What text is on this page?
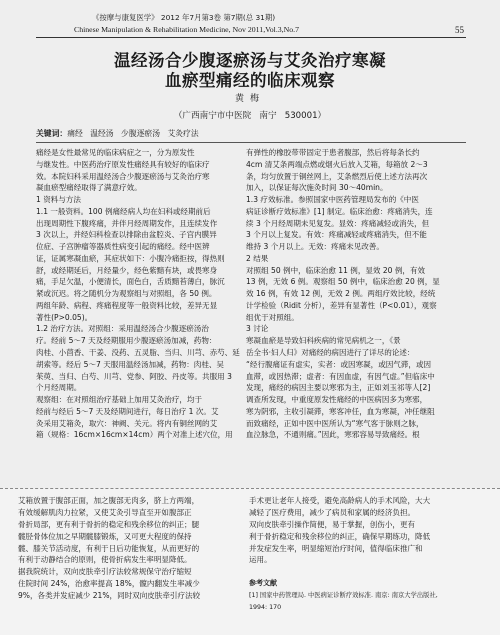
《按摩与康复医学》 2012 年7月第3卷 第7期(总 31期)
Chinese Manipulation & Rehabilitation Medicine, Nov 2011,Vol.3,No.7	55
温经汤合少腹逐瘀汤与艾灸治疗寒凝
血瘀型痛经的临床观察
黄梅
（广西南宁市中医院   南宁   530001）
关键词：痛经   温经汤   少腹逐瘀汤   艾灸疗法
痛经是女性最常见的临床病症之一，分为原发性
与继发性。中医药治疗原发性痛经具有较好的临床疗
效。本院妇科采用温经汤合少腹逐瘀汤与艾灸治疗寒
凝血瘀型痛经取得了满意疗效。
1 资料与方法
1.1 一般资料。100 例痛经病人均在妇科或经期前后
出现周期性下腹疼痛，并伴月经周期发作，且连续发作
3 次以上，并经妇科检查以排除由盆腔炎、子宫内膜异
位症、子宫肿瘤等器质性病变引起的痛经。经中医辨
证，证属寒凝血瘀，其症状如下：小腹冷痛拒按，得热则
舒，或经期延后，月经量少，经色紫黯有块，或畏寒身
痛，手足欠温，小便清长，面色白，舌质黯苔薄白，脉沉
紧或沉迟。将之随机分为观察组与对照组，各 50 例。
两组年龄、病程、疼痛程度等一般资料比较，差异无显
著性(P>0.05)。
1.2 治疗方法。对照组：采用温经汤合少腹逐瘀汤治
疗。经前 5～7 天及经期服用少腹逐瘀汤加减，药物：
肉桂、小茴香、干姜、没药、五灵脂、当归、川芎、赤芍、延
胡索等。经后 5～7 天服用温经汤加减，药物：肉桂、吴
茱萸、当归、白芍、川芎、党参、阿胶、丹皮等。共服用 3
个月经周期。
观察组：在对照组治疗基础上加用艾灸治疗，均于
经前与经后 5～7 天及经期间进行，每日治疗 1 次。艾
灸采用艾箱灸，取穴：神阙、关元。将内有铜丝网的艾
箱（规格：16cm×16cm×14cm）两个对准上述穴位，用
有弹性的橡胶带带固定于患者腹部，然后将每条长约
4cm 清艾条两端点燃或烟火后放入艾箱，每箱放 2～3
条，均匀放置于铜丝网上，艾条燃烈后使上述方法再次
加入，以保证每次施灸时间 30～40min。
1.3 疗效标准。参照国家中医药管理局发布的《中医
病证诊断疗效标准》[1] 制定。临床治愈：疼痛消失，连
续 3 个月经周期未见复发。显效：疼痛减轻或消失，但
3 个月以上复发。有效：疼痛减轻或疼痛消失，但不能
维持 3 个月以上。无效：疼痛未见改善。
2 结果
对照组 50 例中，临床治愈 11 例，显效 20 例，有效
13 例，无效 6 例。观察组 50 例中，临床治愈 20 例，显
效 16 例，有效 12 例，无效 2 例。两组疗效比较，经统
计学检验（Ridit 分析），差异有显著性（P<0.01），观察
组优于对照组。
3 讨论
寒凝血瘀是导致妇科疾病的常见病机之一，《景
岳全书·妇人归》对痛经的病因进行了详尽的论述：
“经行腹痛证有虚实，实者：或因寒凝，或因气滞，或因
血滞，或因热滞；虚者：有因血虚，有因气虚。”但临床中
发现，痛经的病因主要以寒邪为主，正如刘玉祁等人[2]
调查所发现，中重度原发性痛经的中医病因多为寒邪，
寒为阴邪，主收引凝滞，寒客冲任，血为寒凝，冲任继阻
而致痛经，正如中医中医所认为“寒气客于脉则之脉，
血泣脉急，不通则痛。”因此，寒邪容易导致痛经。根
艾箱放置于腹部正面，加之腹部无肉多，脐上方两端，
有效缓解肌肉力拉紧，又使艾灸引导直至开如腹部正
骨折局部，更有利于骨折的稳定和残余移位的纠正；腿
髋胫骨体位加之早期髋膝锻炼，又可更大程度的保持
髋、膝关节活动度，有利于日后功能恢复，从而更好的
有利于动静结合的原则，使骨折病发生率明显降低。
据我院统计，双向皮肤牵引疗法较常规保守治疗缩短
住院时间 24%，治愈率提高 18%，髋内翻发生率减少
9%，各类并发症减少 21%，同时双向皮肤牵引疗法较
手术更让老年人接受，避免高龄病人的手术风险，大大
减轻了医疗费用，减少了病员和家属的经济负担。
双向皮肤牵引操作简便，易于掌握，创伤小，更有
利于骨折稳定和残余移位的纠正，确保早期练功，降低
并发症发生率，明显缩短治疗时间，值得临床推广和
运用。
参考文献
[1] 国家中药管理局. 中医病证诊断疗效标准. 南京: 南京大学出版社,
1994: 170
